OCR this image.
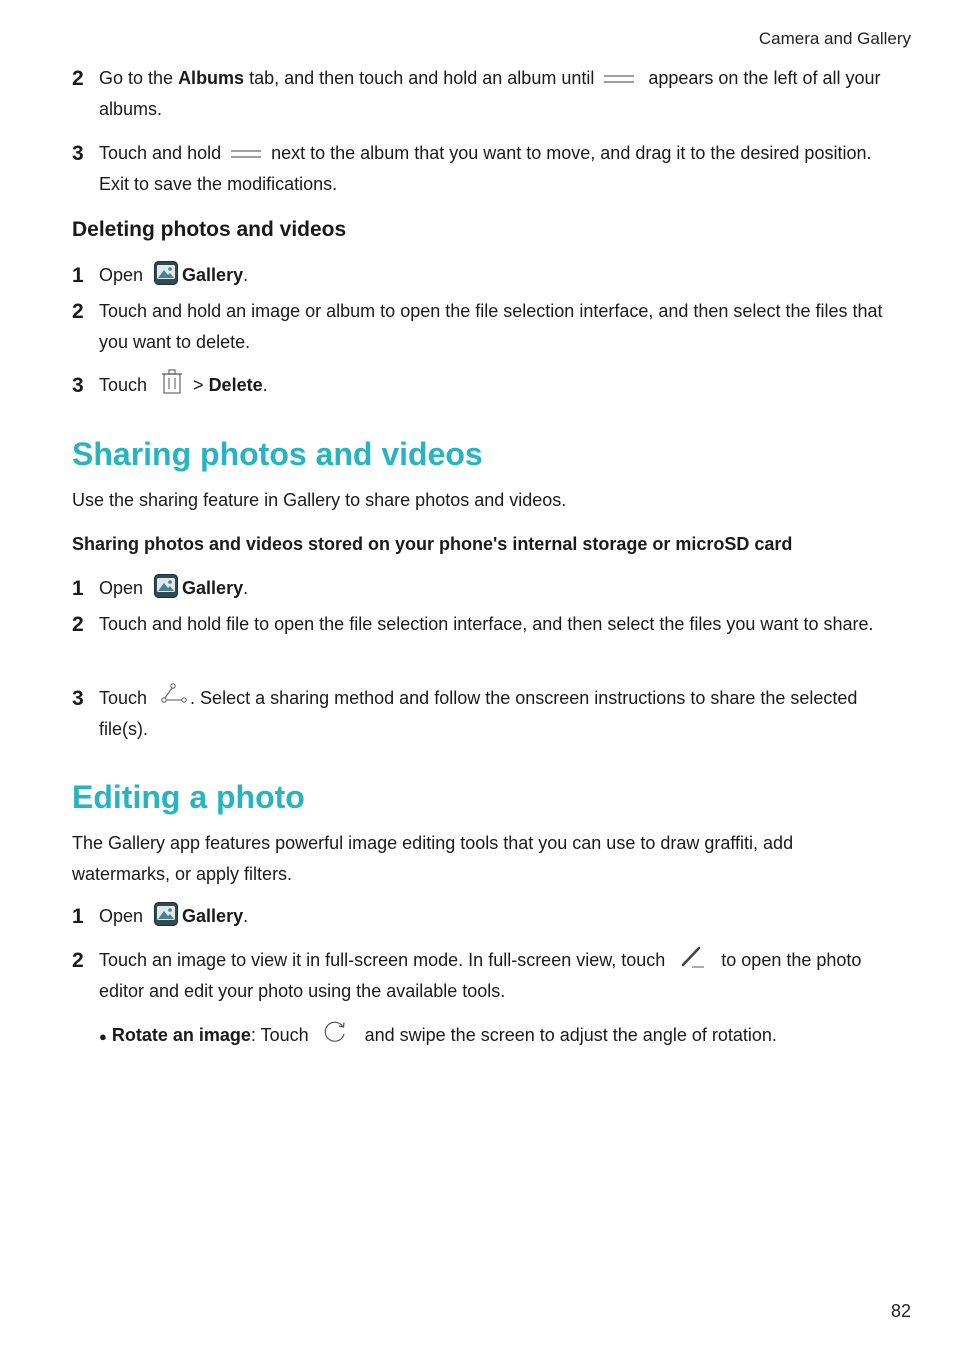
Camera and Gallery
2 Go to the Albums tab, and then touch and hold an album until
appears on the left of all your albums.
3 Touch and hold
next to the album that you want to move, and drag it to the desired position. Exit to save the modifications.
Deleting photos and videos
1 Open
Gallery.
2 Touch and hold an image or album to open the file selection interface, and then select the files that you want to delete.
3 Touch
> Delete.
Sharing photos and videos
Use the sharing feature in Gallery to share photos and videos.
Sharing photos and videos stored on your phone's internal storage or microSD card
1 Open
Gallery.
2 Touch and hold file to open the file selection interface, and then select the files you want to share.
3 Touch
. Select a sharing method and follow the onscreen instructions to share the selected file(s).
Editing a photo
The Gallery app features powerful image editing tools that you can use to draw graffiti, add watermarks, or apply filters.
1 Open
Gallery.
2 Touch an image to view it in full-screen mode. In full-screen view, touch	to open the photo editor and edit your photo using the available tools.
● Rotate an image: Touch	and swipe the screen to adjust the angle of rotation.
82
